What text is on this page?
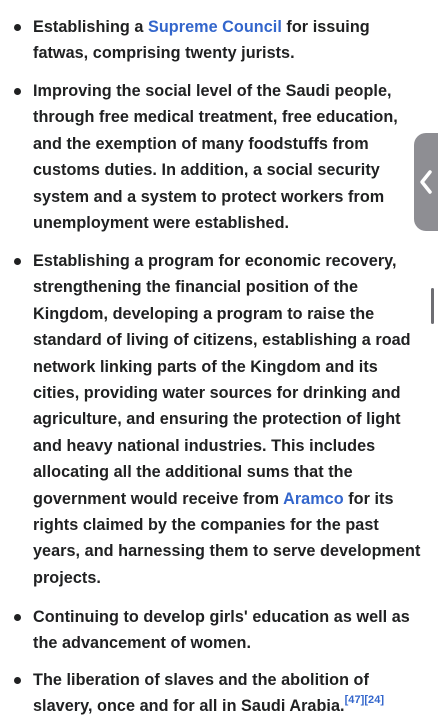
Establishing a Supreme Council for issuing
fatwas, comprising twenty jurists.
Improving the social level of the Saudi people,
through free medical treatment, free education,
and the exemption of many foodstuffs from
customs duties. In addition, a social security
system and a system to protect workers from
unemployment were established.
Establishing a program for economic recovery,
strengthening the financial position of the
Kingdom, developing a program to raise the
standard of living of citizens, establishing a road
network linking parts of the Kingdom and its
cities, providing water sources for drinking and
agriculture, and ensuring the protection of light
and heavy national industries. This includes
allocating all the additional sums that the
government would receive from Aramco for its
rights claimed by the companies for the past
years, and harnessing them to serve development
projects.
Continuing to develop girls' education as well as
the advancement of women.
The liberation of slaves and the abolition of
slavery, once and for all in Saudi Arabia.[47][24]
